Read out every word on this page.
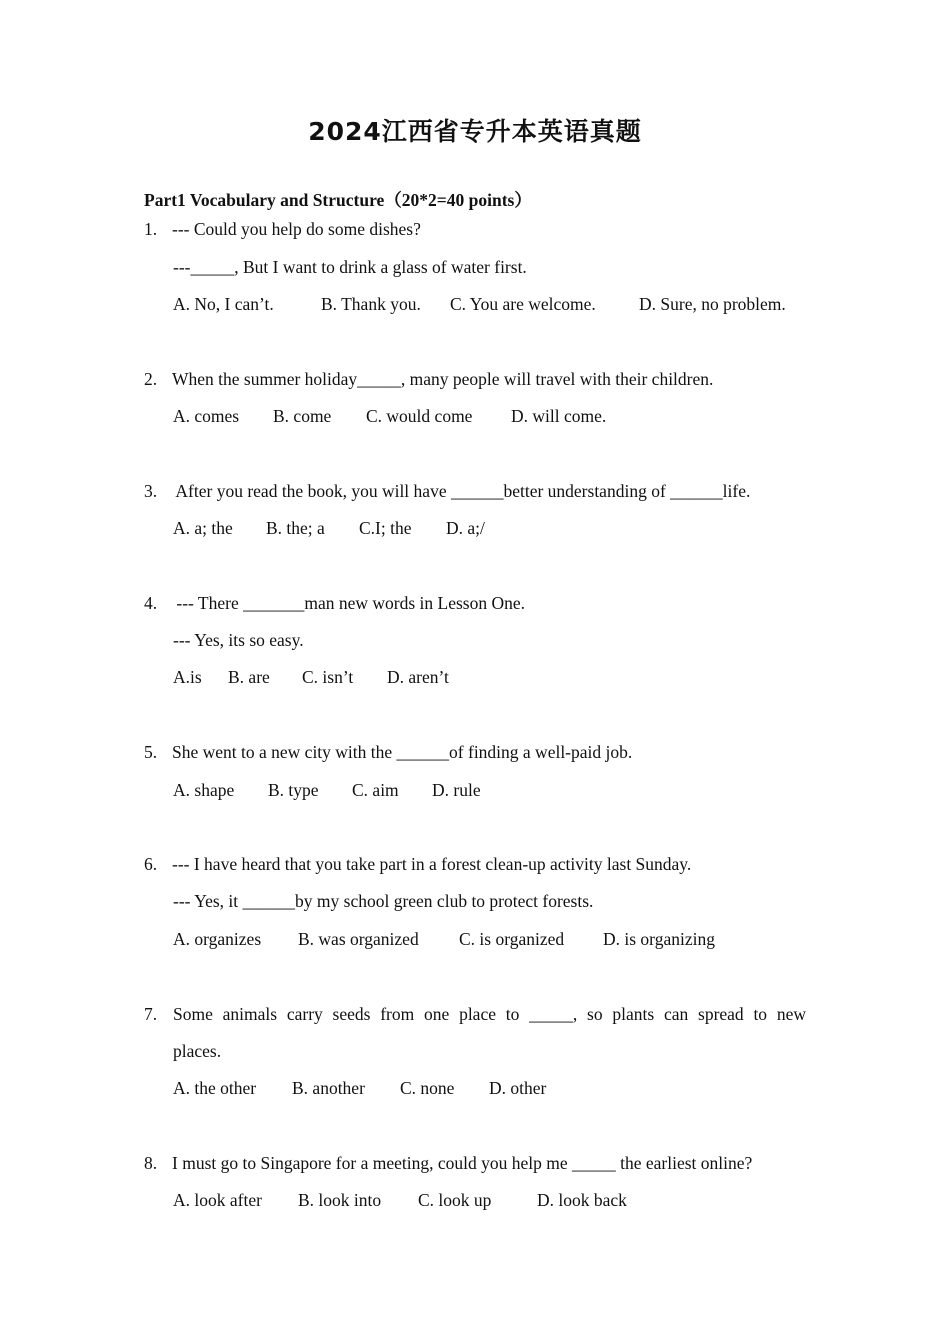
2024江西省专升本英语真题
Part1 Vocabulary and Structure（20*2=40 points）
1. --- Could you help do some dishes?
---_____, But I want to drink a glass of water first.
A. No, I can’t.	B. Thank you.	C. You are welcome.	D. Sure, no problem.
2. When the summer holiday_____, many people will travel with their children.
A. comes	B. come	C. would come	D. will come.
3. After you read the book, you will have ______better understanding of ______life.
A. a; the	B. the; a	C.I; the	D. a;/
4. --- There _______man new words in Lesson One.
--- Yes, its so easy.
A.is	B. are	C. isn’t	D. aren’t
5. She went to a new city with the ______of finding a well-paid job.
A. shape	B. type	C. aim	D. rule
6. --- I have heard that you take part in a forest clean-up activity last Sunday.
--- Yes, it ______by my school green club to protect forests.
A. organizes	B. was organized	C. is organized	D. is organizing
7. Some animals carry seeds from one place to _____, so plants can spread to new
places.
A. the other	B. another	C. none	D. other
8. I must go to Singapore for a meeting, could you help me _____ the earliest online?
A. look after	B. look into	C. look up	D. look back
